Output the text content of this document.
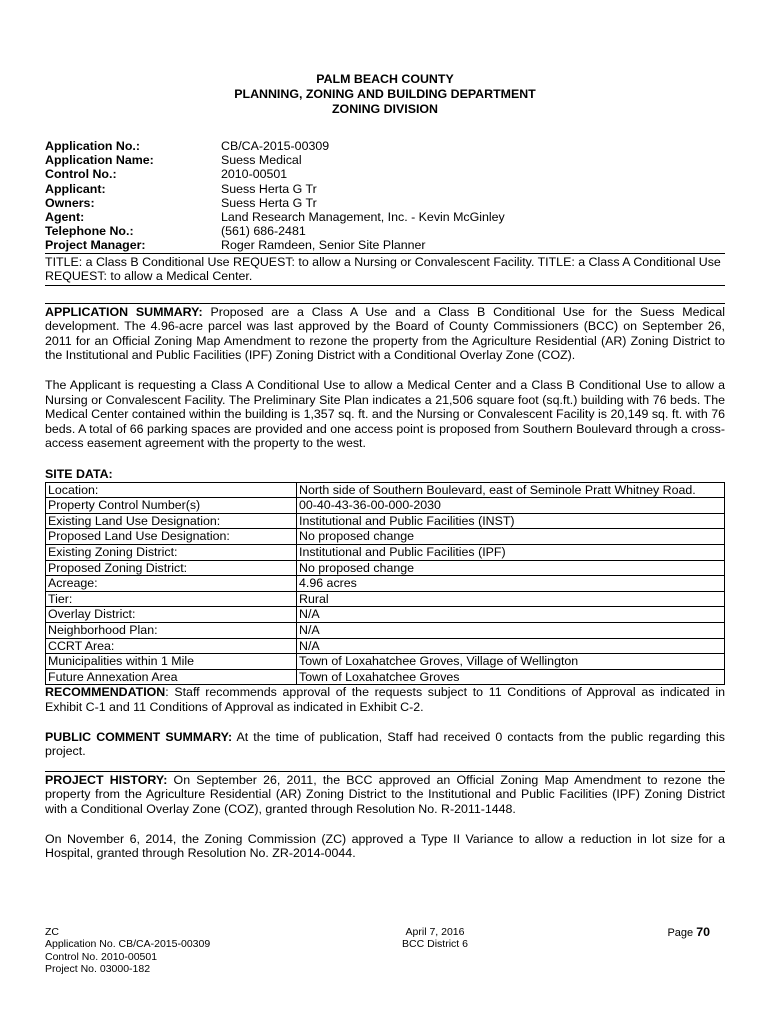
PALM BEACH COUNTY
PLANNING, ZONING AND BUILDING DEPARTMENT
ZONING DIVISION
Application No.:	CB/CA-2015-00309
Application Name:	Suess Medical
Control No.:	2010-00501
Applicant:	Suess Herta G Tr
Owners:	Suess Herta G Tr
Agent:	Land Research Management, Inc. - Kevin McGinley
Telephone No.:	(561) 686-2481
Project Manager:	Roger Ramdeen, Senior Site Planner
TITLE: a Class B Conditional Use REQUEST: to allow a Nursing or Convalescent Facility. TITLE: a Class A Conditional Use REQUEST: to allow a Medical Center.

APPLICATION SUMMARY: Proposed are a Class A Use and a Class B Conditional Use for the Suess Medical development. The 4.96-acre parcel was last approved by the Board of County Commissioners (BCC) on September 26, 2011 for an Official Zoning Map Amendment to rezone the property from the Agriculture Residential (AR) Zoning District to the Institutional and Public Facilities (IPF) Zoning District with a Conditional Overlay Zone (COZ).

The Applicant is requesting a Class A Conditional Use to allow a Medical Center and a Class B Conditional Use to allow a Nursing or Convalescent Facility. The Preliminary Site Plan indicates a 21,506 square foot (sq.ft.) building with 76 beds. The Medical Center contained within the building is 1,357 sq. ft. and the Nursing or Convalescent Facility is 20,149 sq. ft. with 76 beds. A total of 66 parking spaces are provided and one access point is proposed from Southern Boulevard through a cross-access easement agreement with the property to the west.

SITE DATA:
Location:	North side of Southern Boulevard, east of Seminole Pratt Whitney Road.
Property Control Number(s)	00-40-43-36-00-000-2030
Existing Land Use Designation:	Institutional and Public Facilities (INST)
Proposed Land Use Designation:	No proposed change
Existing Zoning District:	Institutional and Public Facilities (IPF)
Proposed Zoning District:	No proposed change
Acreage:	4.96 acres
Tier:	Rural
Overlay District:	N/A
Neighborhood Plan:	N/A
CCRT Area:	N/A
Municipalities within 1 Mile	Town of Loxahatchee Groves, Village of Wellington
Future Annexation Area	Town of Loxahatchee Groves

RECOMMENDATION: Staff recommends approval of the requests subject to 11 Conditions of Approval as indicated in Exhibit C-1 and 11 Conditions of Approval as indicated in Exhibit C-2.

PUBLIC COMMENT SUMMARY: At the time of publication, Staff had received 0 contacts from the public regarding this project.

PROJECT HISTORY: On September 26, 2011, the BCC approved an Official Zoning Map Amendment to rezone the property from the Agriculture Residential (AR) Zoning District to the Institutional and Public Facilities (IPF) Zoning District with a Conditional Overlay Zone (COZ), granted through Resolution No. R-2011-1448.

On November 6, 2014, the Zoning Commission (ZC) approved a Type II Variance to allow a reduction in lot size for a Hospital, granted through Resolution No. ZR-2014-0044.

ZC
Application No. CB/CA-2015-00309
Control No. 2010-00501
Project No. 03000-182
April 7, 2016
BCC District 6
Page 70
